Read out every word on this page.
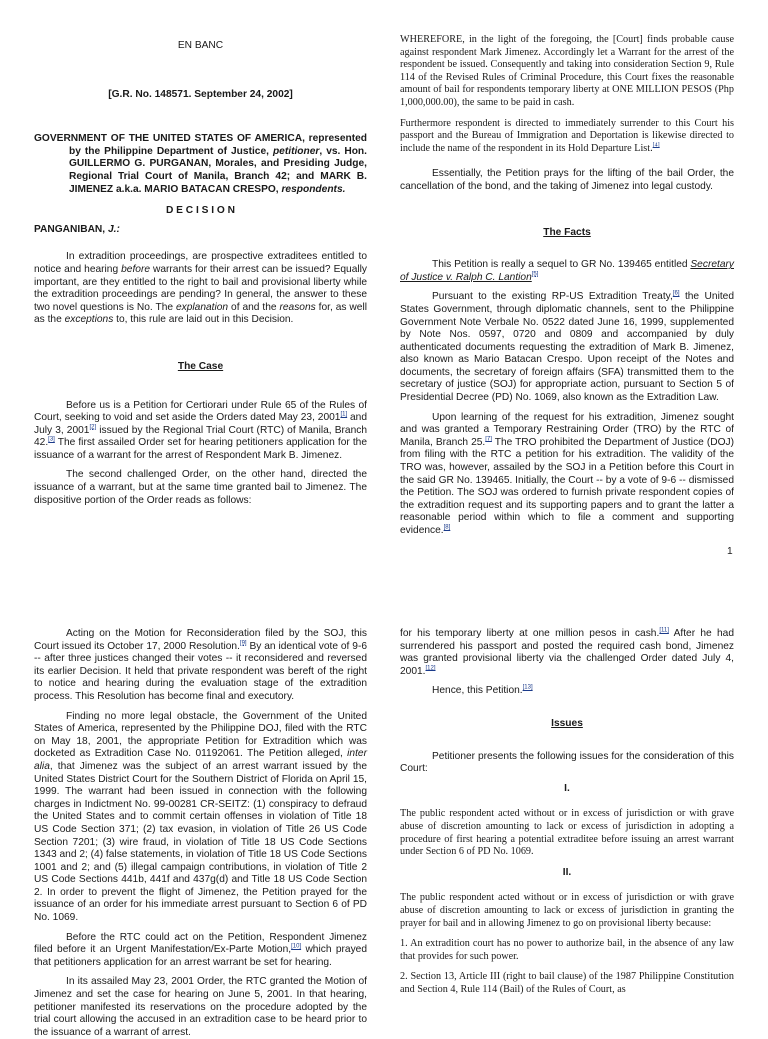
EN BANC

[G.R. No. 148571. September 24, 2002]

GOVERNMENT OF THE UNITED STATES OF AMERICA, represented by the Philippine Department of Justice, petitioner, vs. Hon. GUILLERMO G. PURGANAN, Morales, and Presiding Judge, Regional Trial Court of Manila, Branch 42; and MARK B. JIMENEZ a.k.a. MARIO BATACAN CRESPO, respondents.

D E C I S I O N

PANGANIBAN, J.:

In extradition proceedings, are prospective extraditees entitled to notice and hearing before warrants for their arrest can be issued? Equally important, are they entitled to the right to bail and provisional liberty while the extradition proceedings are pending? In general, the answer to these two novel questions is No. The explanation of and the reasons for, as well as the exceptions to, this rule are laid out in this Decision.

The Case

Before us is a Petition for Certiorari under Rule 65 of the Rules of Court, seeking to void and set aside the Orders dated May 23, 2001[1] and July 3, 2001[2] issued by the Regional Trial Court (RTC) of Manila, Branch 42.[3] The first assailed Order set for hearing petitioners application for the issuance of a warrant for the arrest of Respondent Mark B. Jimenez.

The second challenged Order, on the other hand, directed the issuance of a warrant, but at the same time granted bail to Jimenez. The dispositive portion of the Order reads as follows:

WHEREFORE, in the light of the foregoing, the [Court] finds probable cause against respondent Mark Jimenez. Accordingly let a Warrant for the arrest of the respondent be issued. Consequently and taking into consideration Section 9, Rule 114 of the Revised Rules of Criminal Procedure, this Court fixes the reasonable amount of bail for respondents temporary liberty at ONE MILLION PESOS (Php 1,000,000.00), the same to be paid in cash.

Furthermore respondent is directed to immediately surrender to this Court his passport and the Bureau of Immigration and Deportation is likewise directed to include the name of the respondent in its Hold Departure List.[4]

Essentially, the Petition prays for the lifting of the bail Order, the cancellation of the bond, and the taking of Jimenez into legal custody.

The Facts

This Petition is really a sequel to GR No. 139465 entitled Secretary of Justice v. Ralph C. Lantion[5]

Pursuant to the existing RP-US Extradition Treaty,[6] the United States Government, through diplomatic channels, sent to the Philippine Government Note Verbale No. 0522 dated June 16, 1999, supplemented by Note Nos. 0597, 0720 and 0809 and accompanied by duly authenticated documents requesting the extradition of Mark B. Jimenez, also known as Mario Batacan Crespo. Upon receipt of the Notes and documents, the secretary of foreign affairs (SFA) transmitted them to the secretary of justice (SOJ) for appropriate action, pursuant to Section 5 of Presidential Decree (PD) No. 1069, also known as the Extradition Law.

Upon learning of the request for his extradition, Jimenez sought and was granted a Temporary Restraining Order (TRO) by the RTC of Manila, Branch 25.[7] The TRO prohibited the Department of Justice (DOJ) from filing with the RTC a petition for his extradition. The validity of the TRO was, however, assailed by the SOJ in a Petition before this Court in the said GR No. 139465. Initially, the Court -- by a vote of 9-6 -- dismissed the Petition. The SOJ was ordered to furnish private respondent copies of the extradition request and its supporting papers and to grant the latter a reasonable period within which to file a comment and supporting evidence.[8]

1

Acting on the Motion for Reconsideration filed by the SOJ, this Court issued its October 17, 2000 Resolution.[9] By an identical vote of 9-6 -- after three justices changed their votes -- it reconsidered and reversed its earlier Decision. It held that private respondent was bereft of the right to notice and hearing during the evaluation stage of the extradition process. This Resolution has become final and executory.

Finding no more legal obstacle, the Government of the United States of America, represented by the Philippine DOJ, filed with the RTC on May 18, 2001, the appropriate Petition for Extradition which was docketed as Extradition Case No. 01192061. The Petition alleged, inter alia, that Jimenez was the subject of an arrest warrant issued by the United States District Court for the Southern District of Florida on April 15, 1999. The warrant had been issued in connection with the following charges in Indictment No. 99-00281 CR-SEITZ: (1) conspiracy to defraud the United States and to commit certain offenses in violation of Title 18 US Code Section 371; (2) tax evasion, in violation of Title 26 US Code Section 7201; (3) wire fraud, in violation of Title 18 US Code Sections 1343 and 2; (4) false statements, in violation of Title 18 US Code Sections 1001 and 2; and (5) illegal campaign contributions, in violation of Title 2 US Code Sections 441b, 441f and 437g(d) and Title 18 US Code Section 2. In order to prevent the flight of Jimenez, the Petition prayed for the issuance of an order for his immediate arrest pursuant to Section 6 of PD No. 1069.

Before the RTC could act on the Petition, Respondent Jimenez filed before it an Urgent Manifestation/Ex-Parte Motion,[10] which prayed that petitioners application for an arrest warrant be set for hearing.

In its assailed May 23, 2001 Order, the RTC granted the Motion of Jimenez and set the case for hearing on June 5, 2001. In that hearing, petitioner manifested its reservations on the procedure adopted by the trial court allowing the accused in an extradition case to be heard prior to the issuance of a warrant of arrest.

for his temporary liberty at one million pesos in cash.[11] After he had surrendered his passport and posted the required cash bond, Jimenez was granted provisional liberty via the challenged Order dated July 4, 2001.[12]

Hence, this Petition.[13]

Issues

Petitioner presents the following issues for the consideration of this Court:

I.

The public respondent acted without or in excess of jurisdiction or with grave abuse of discretion amounting to lack or excess of jurisdiction in adopting a procedure of first hearing a potential extraditee before issuing an arrest warrant under Section 6 of PD No. 1069.

II.

The public respondent acted without or in excess of jurisdiction or with grave abuse of discretion amounting to lack or excess of jurisdiction in granting the prayer for bail and in allowing Jimenez to go on provisional liberty because:

1. An extradition court has no power to authorize bail, in the absence of any law that provides for such power.

2. Section 13, Article III (right to bail clause) of the 1987 Philippine Constitution and Section 4, Rule 114 (Bail) of the Rules of Court, as
